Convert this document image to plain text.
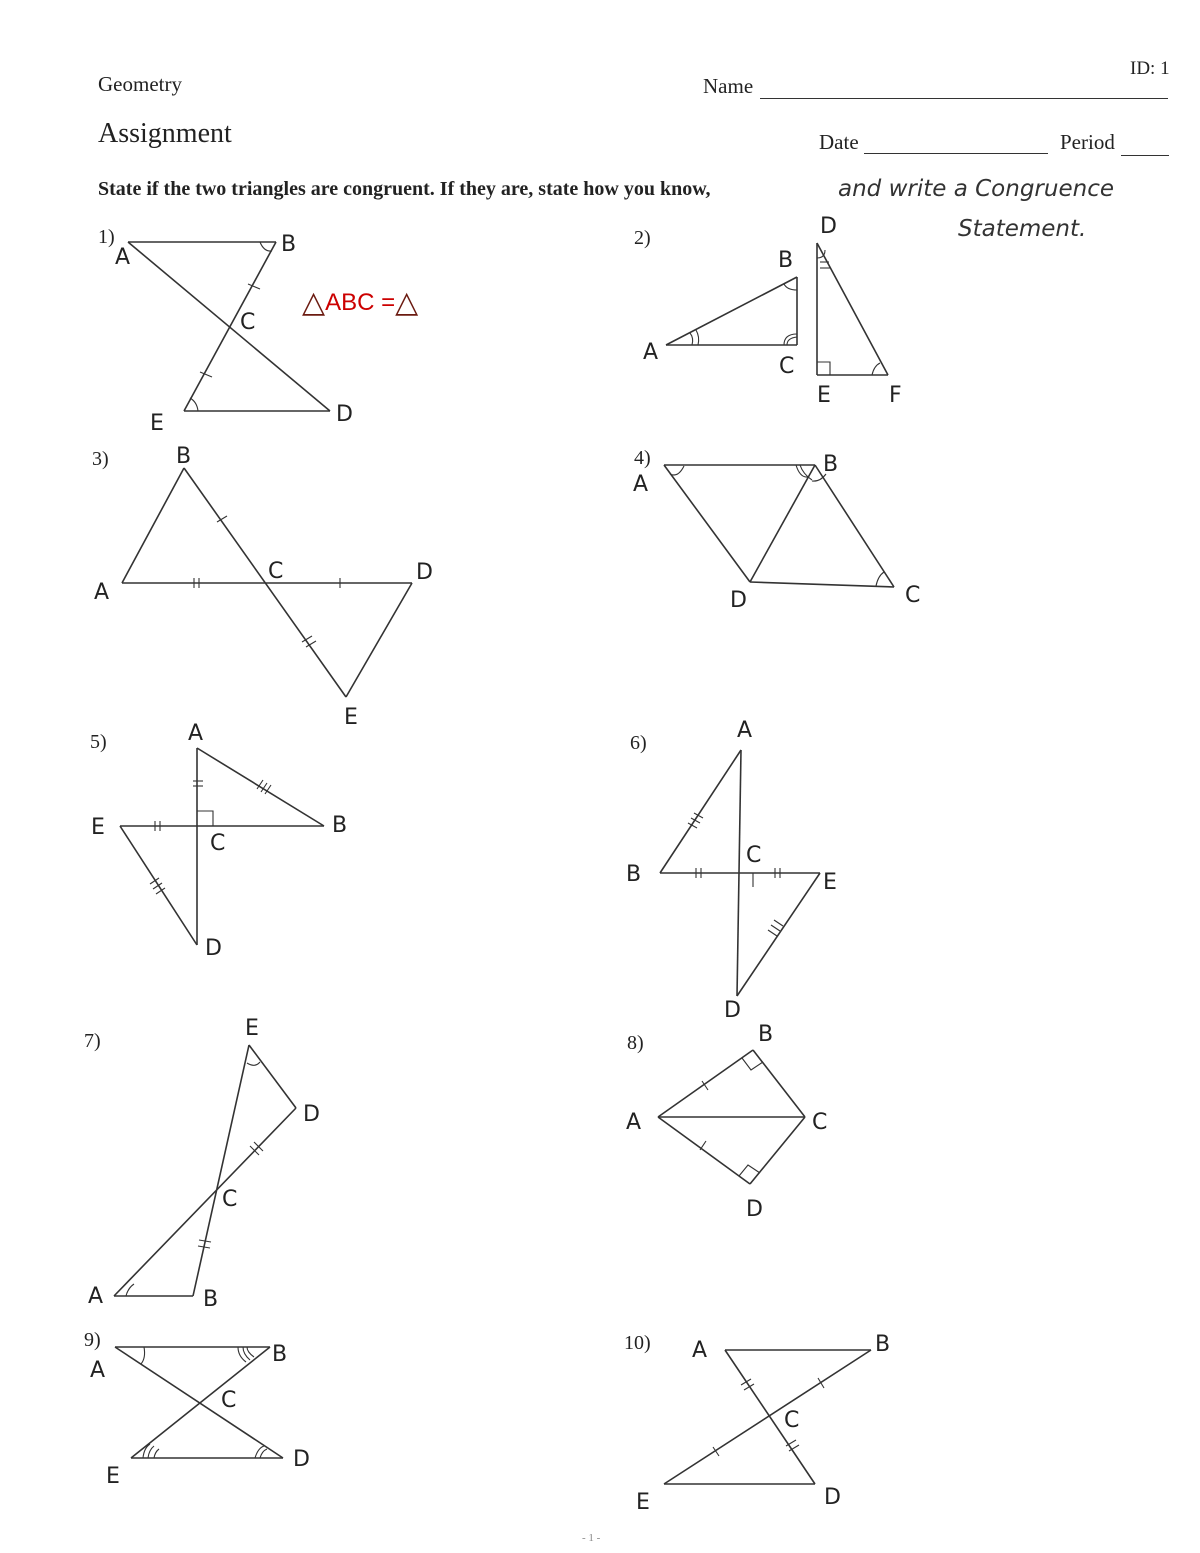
ID: 1
Geometry
Assignment
Name
Date	Period
State if the two triangles are congruent. If they are, state how you know,	and write a Congruence
Statement.
△ABC =△
1)	2)
3)	4)
5)	6)
7)	8)
9)	10)
A
B
C
E	D
B
D
A
C
E	F
B
A
C	D
E
A
B
D	C
A
E
C
B
D
A
B
C
E
D
E
D
C
A	B
B
A	C
D
A
B
C
E
D
A	B
C
E	D
- 1 -
